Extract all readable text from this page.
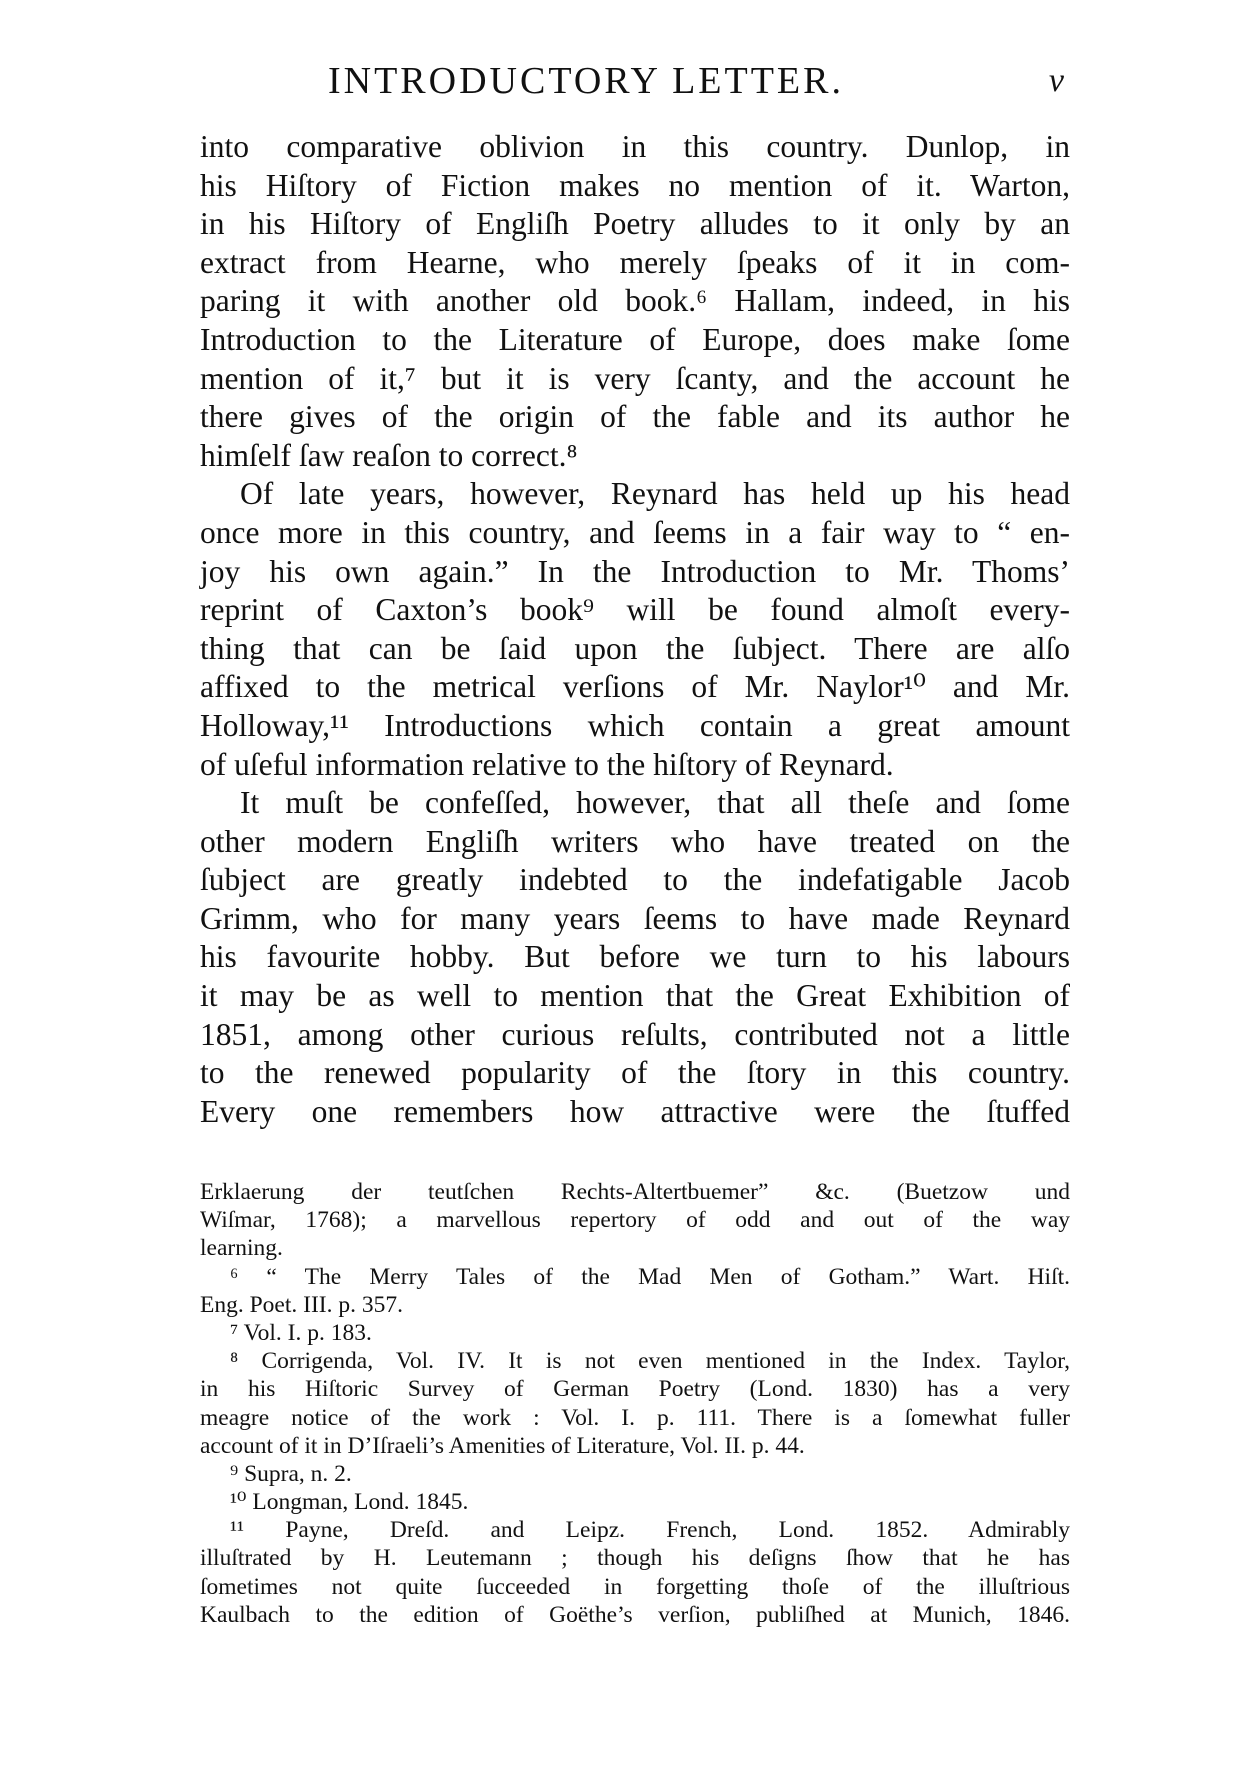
INTRODUCTORY LETTER.	v
into comparative oblivion in this country. Dunlop, in
his Hiſtory of Fiction makes no mention of it. Warton,
in his Hiſtory of Engliſh Poetry alludes to it only by an
extract from Hearne, who merely ſpeaks of it in com-
paring it with another old book.⁶ Hallam, indeed, in his
Introduction to the Literature of Europe, does make ſome
mention of it,⁷ but it is very ſcanty, and the account he
there gives of the origin of the fable and its author he
himſelf ſaw reaſon to correct.⁸
Of late years, however, Reynard has held up his head
once more in this country, and ſeems in a fair way to “ en-
joy his own again.” In the Introduction to Mr. Thoms’
reprint of Caxton’s book⁹ will be found almoſt every-
thing that can be ſaid upon the ſubject. There are alſo
affixed to the metrical verſions of Mr. Naylor¹⁰ and Mr.
Holloway,¹¹ Introductions which contain a great amount
of uſeful information relative to the hiſtory of Reynard.
It muſt be confeſſed, however, that all theſe and ſome
other modern Engliſh writers who have treated on the
ſubject are greatly indebted to the indefatigable Jacob
Grimm, who for many years ſeems to have made Reynard
his favourite hobby. But before we turn to his labours
it may be as well to mention that the Great Exhibition of
1851, among other curious reſults, contributed not a little
to the renewed popularity of the ſtory in this country.
Every one remembers how attractive were the ſtuffed
Erklaerung der teutſchen Rechts-Altertbuemer” &c. (Buetzow und
Wiſmar, 1768); a marvellous repertory of odd and out of the way
learning.
⁶ “ The Merry Tales of the Mad Men of Gotham.” Wart. Hiſt.
Eng. Poet. III. p. 357.
⁷ Vol. I. p. 183.
⁸ Corrigenda, Vol. IV. It is not even mentioned in the Index. Taylor,
in his Hiſtoric Survey of German Poetry (Lond. 1830) has a very
meagre notice of the work : Vol. I. p. 111. There is a ſomewhat fuller
account of it in D’Iſraeli’s Amenities of Literature, Vol. II. p. 44.
⁹ Supra, n. 2.
¹⁰ Longman, Lond. 1845.
¹¹ Payne, Dreſd. and Leipz. French, Lond. 1852. Admirably
illuſtrated by H. Leutemann ; though his deſigns ſhow that he has
ſometimes not quite ſucceeded in forgetting thoſe of the illuſtrious
Kaulbach to the edition of Goëthe’s verſion, publiſhed at Munich, 1846.
